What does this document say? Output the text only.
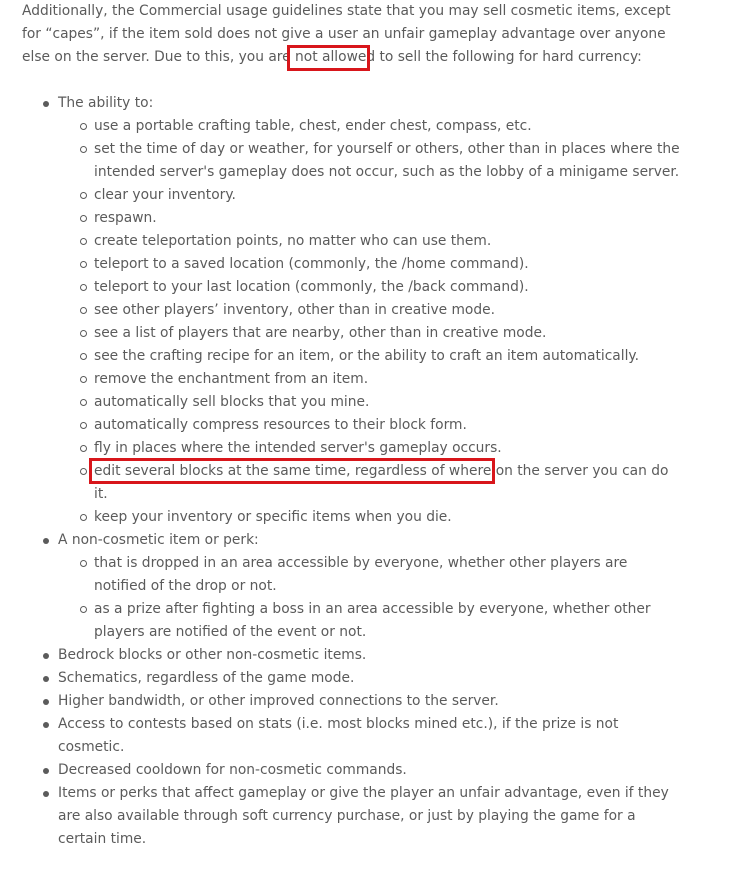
Additionally, the Commercial usage guidelines state that you may sell cosmetic items, except for “capes”, if the item sold does not give a user an unfair gameplay advantage over anyone else on the server. Due to this, you are not allowed to sell the following for hard currency:

The ability to:
use a portable crafting table, chest, ender chest, compass, etc.
set the time of day or weather, for yourself or others, other than in places where the intended server's gameplay does not occur, such as the lobby of a minigame server.
clear your inventory.
respawn.
create teleportation points, no matter who can use them.
teleport to a saved location (commonly, the /home command).
teleport to your last location (commonly, the /back command).
see other players’ inventory, other than in creative mode.
see a list of players that are nearby, other than in creative mode.
see the crafting recipe for an item, or the ability to craft an item automatically.
remove the enchantment from an item.
automatically sell blocks that you mine.
automatically compress resources to their block form.
fly in places where the intended server's gameplay occurs.
edit several blocks at the same time, regardless of where on the server you can do it.
keep your inventory or specific items when you die.
A non-cosmetic item or perk:
that is dropped in an area accessible by everyone, whether other players are notified of the drop or not.
as a prize after fighting a boss in an area accessible by everyone, whether other players are notified of the event or not.
Bedrock blocks or other non-cosmetic items.
Schematics, regardless of the game mode.
Higher bandwidth, or other improved connections to the server.
Access to contests based on stats (i.e. most blocks mined etc.), if the prize is not cosmetic.
Decreased cooldown for non-cosmetic commands.
Items or perks that affect gameplay or give the player an unfair advantage, even if they are also available through soft currency purchase, or just by playing the game for a certain time.
